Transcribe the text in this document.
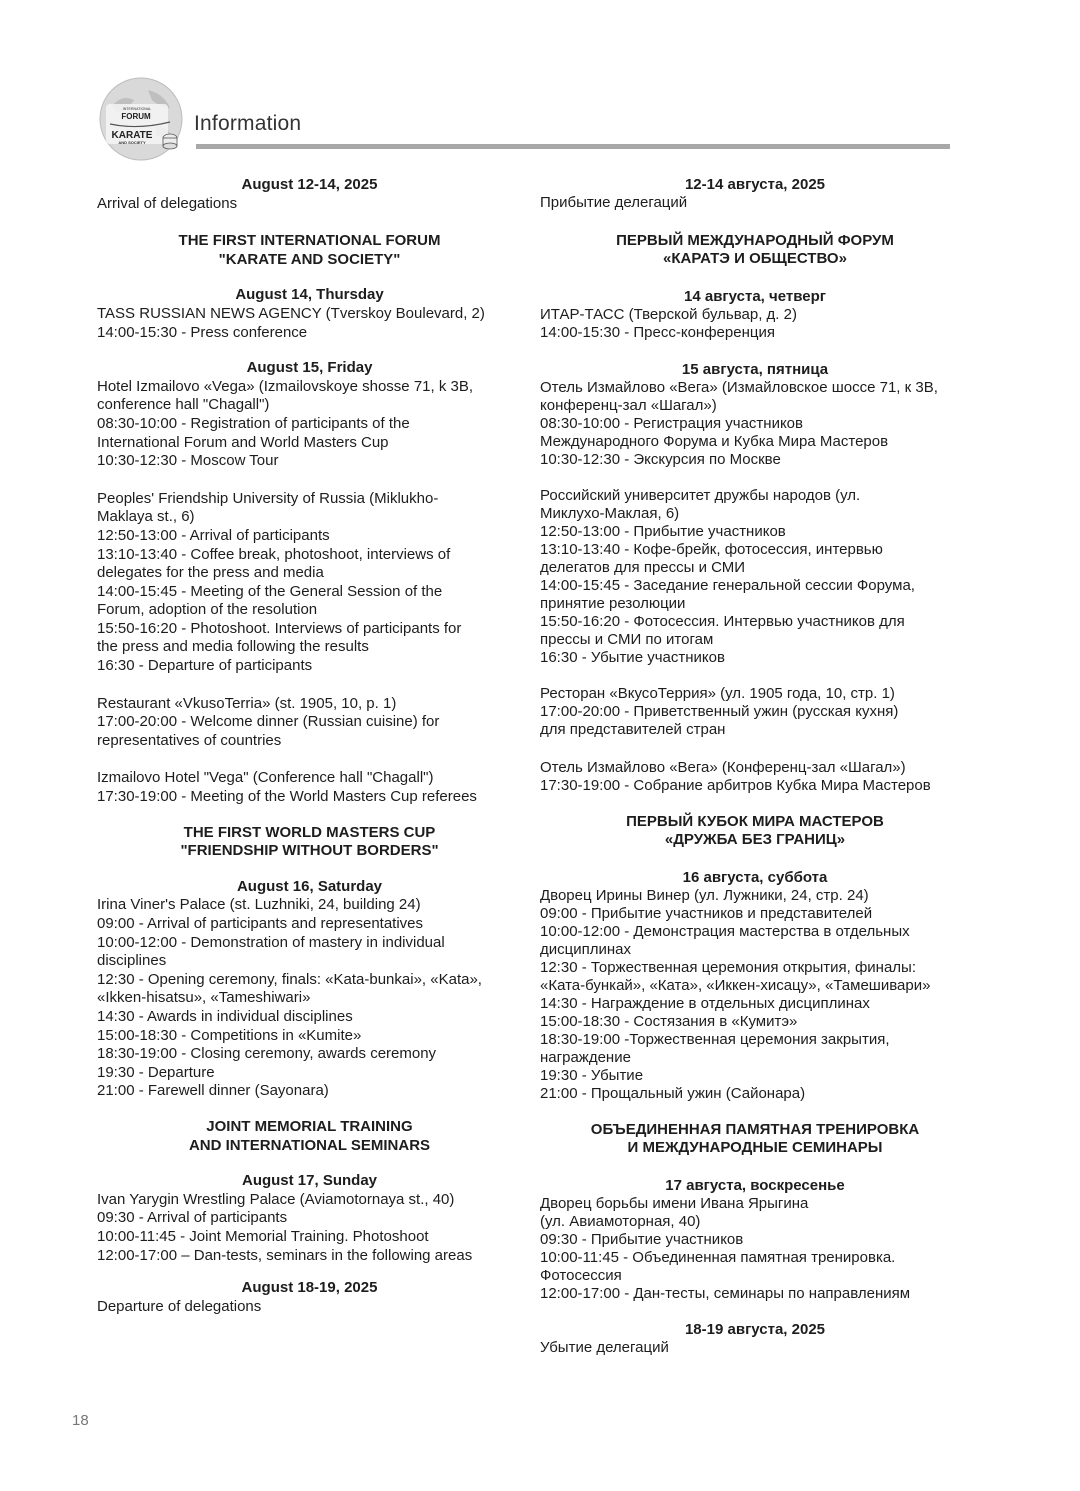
INTERNATIONAL
FORUM
KARATE
AND SOCIETY
Information

August 12-14, 2025

Arrival of delegations

THE FIRST INTERNATIONAL FORUM
"KARATE AND SOCIETY"

August 14, Thursday

TASS RUSSIAN NEWS AGENCY (Tverskoy Boulevard, 2)
14:00-15:30 - Press conference

August 15, Friday

Hotel Izmailovo «Vega» (Izmailovskoye shosse 71, k 3B,
conference hall "Chagall")
08:30-10:00 - Registration of participants of the
International Forum and World Masters Cup
10:30-12:30 - Moscow Tour

Peoples' Friendship University of Russia (Miklukho-
Maklaya st., 6)
12:50-13:00 - Arrival of participants
13:10-13:40 - Coffee break, photoshoot, interviews of
delegates for the press and media
14:00-15:45 - Meeting of the General Session of the
Forum, adoption of the resolution
15:50-16:20 - Photoshoot. Interviews of participants for
the press and media following the results
16:30 - Departure of participants

Restaurant «VkusoTerria» (st. 1905, 10, p. 1)
17:00-20:00 - Welcome dinner (Russian cuisine) for
representatives of countries

Izmailovo Hotel "Vega" (Conference hall "Chagall")
17:30-19:00 - Meeting of the World Masters Cup referees

THE FIRST WORLD MASTERS CUP
"FRIENDSHIP WITHOUT BORDERS"

August 16, Saturday

Irina Viner's Palace (st. Luzhniki, 24, building 24)
09:00 - Arrival of participants and representatives
10:00-12:00 - Demonstration of mastery in individual
disciplines
12:30 - Opening ceremony, finals: «Kata-bunkai», «Kata»,
«Ikken-hisatsu», «Tameshiwari»
14:30 - Awards in individual disciplines
15:00-18:30 - Competitions in «Kumite»
18:30-19:00 - Closing ceremony, awards ceremony
19:30 - Departure
21:00 - Farewell dinner (Sayonara)

JOINT MEMORIAL TRAINING
AND INTERNATIONAL SEMINARS

August 17, Sunday

Ivan Yarygin Wrestling Palace (Aviamotornaya st., 40)
09:30 - Arrival of participants
10:00-11:45 - Joint Memorial Training. Photoshoot
12:00-17:00 – Dan-tests, seminars in the following areas

August 18-19, 2025

Departure of delegations

12-14 августа, 2025

Прибытие делегаций

ПЕРВЫЙ МЕЖДУНАРОДНЫЙ ФОРУМ
«КАРАТЭ И ОБЩЕСТВО»

14 августа, четверг

ИТАР-ТАСС (Тверской бульвар, д. 2)
14:00-15:30 - Пресс-конференция

15 августа, пятница

Отель Измайлово «Вега» (Измайловское шоссе 71, к 3В,
конференц-зал «Шагал»)
08:30-10:00 - Регистрация участников
Международного Форума и Кубка Мира Мастеров
10:30-12:30 - Экскурсия по Москве

Российский университет дружбы народов (ул.
Миклухо-Маклая, 6)
12:50-13:00 - Прибытие участников
13:10-13:40 - Кофе-брейк, фотосессия, интервью
делегатов для прессы и СМИ
14:00-15:45 - Заседание генеральной сессии Форума,
принятие резолюции
15:50-16:20 - Фотосессия. Интервью участников для
прессы и СМИ по итогам
16:30 - Убытие участников

Ресторан «ВкусоТеррия» (ул. 1905 года, 10, стр. 1)
17:00-20:00 - Приветственный ужин (русская кухня)
для представителей стран

Отель Измайлово «Вега» (Конференц-зал «Шагал»)
17:30-19:00 - Собрание арбитров Кубка Мира Мастеров

ПЕРВЫЙ КУБОК МИРА МАСТЕРОВ
«ДРУЖБА БЕЗ ГРАНИЦ»

16 августа, суббота

Дворец Ирины Винер (ул. Лужники, 24, стр. 24)
09:00 - Прибытие участников и представителей
10:00-12:00 - Демонстрация мастерства в отдельных
дисциплинах
12:30 - Торжественная церемония открытия, финалы:
«Ката-бункай», «Ката», «Иккен-хисацу», «Тамешивари»
14:30 - Награждение в отдельных дисциплинах
15:00-18:30 - Состязания в «Кумитэ»
18:30-19:00 -Торжественная церемония закрытия,
награждение
19:30 - Убытие
21:00 - Прощальный ужин (Сайонара)

ОБЪЕДИНЕННАЯ ПАМЯТНАЯ ТРЕНИРОВКА
И МЕЖДУНАРОДНЫЕ СЕМИНАРЫ

17 августа, воскресенье

Дворец борьбы имени Ивана Ярыгина
(ул. Авиамоторная, 40)
09:30 - Прибытие участников
10:00-11:45 - Объединенная памятная тренировка.
Фотосессия
12:00-17:00 - Дан-тесты, семинары по направлениям

18-19 августа, 2025

Убытие делегаций

18
